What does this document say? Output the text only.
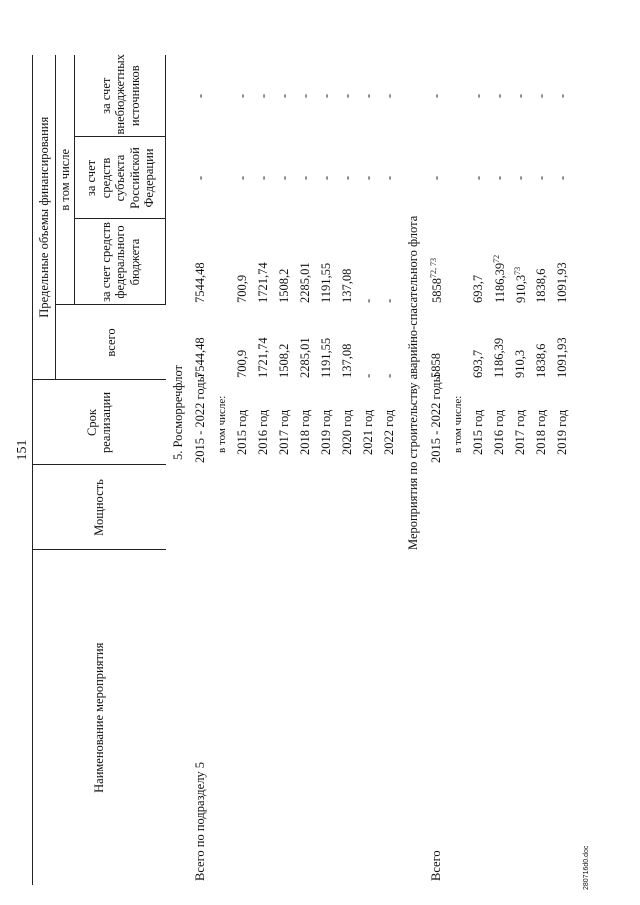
151
Наименование мероприятия	Мощность	Срок реализации	Предельные объемы финансирования			
			всего	в том числе		
				за счет средств федерального бюджета	за счет средств субъекта Российской Федерации	за счет внебюджетных источников
	5. Росморречфлот					
Всего по подразделу 5		2015 - 2022 годы	7544,48	7544,48	-	-
		в том числе:				
		2015 год	700,9	700,9	-	-
		2016 год	1721,74	1721,74	-	-
		2017 год	1508,2	1508,2	-	-
		2018 год	2285,01	2285,01	-	-
		2019 год	1191,55	1191,55	-	-
		2020 год	137,08	137,08	-	-
		2021 год	-	-	-	-
		2022 год	-	-	-	-
	Мероприятия по строительству аварийно-спасательного флота					
Всего		2015 - 2022 годы	5858	5858$^{72, 73}$	-	-
		в том числе:				
		2015 год	693,7	693,7	-	-
		2016 год	1186,39	1186,39$^{72}$	-	-
		2017 год	910,3	910,3$^{73}$	-	-
		2018 год	1838,6	1838,6	-	-
		2019 год	1091,93	1091,93	-	-
280716d0.doc
